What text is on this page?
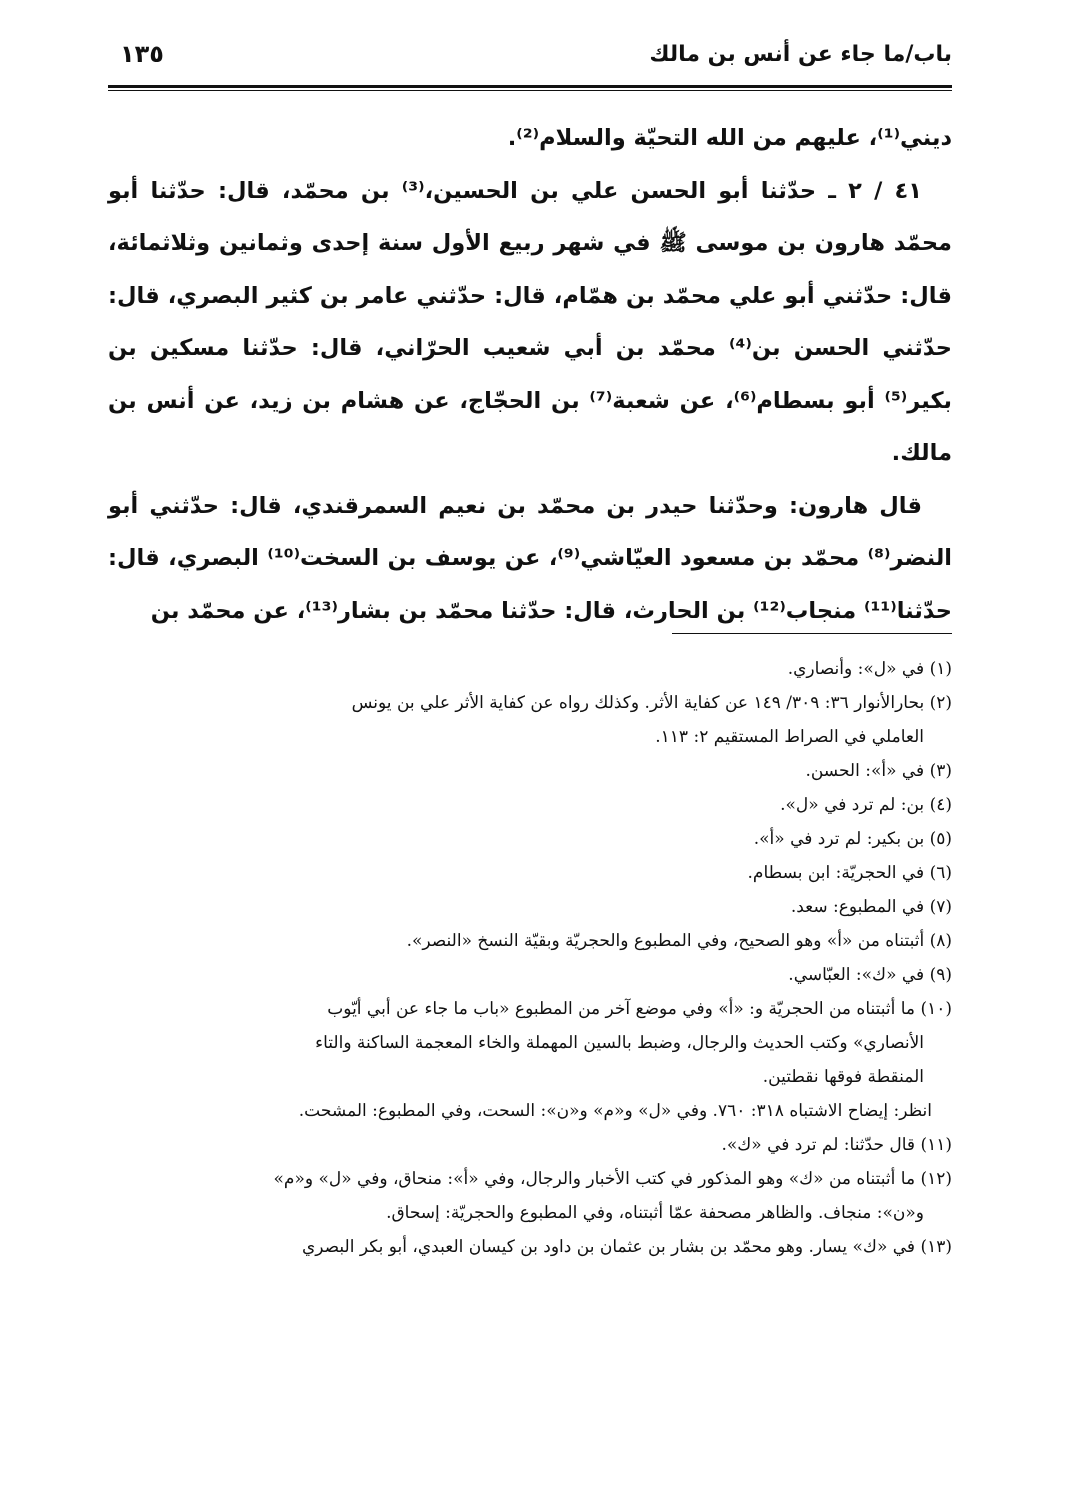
باب/ما جاء عن أنس بن مالك
١٣٥

ديني⁽¹⁾، عليهم من الله التحيّة والسلام⁽²⁾.

٤١ / ٢ ـ حدّثنا أبو الحسن علي بن الحسين،⁽³⁾ بن محمّد، قال: حدّثنا أبو محمّد هارون بن موسى ﷺ في شهر ربيع الأول سنة إحدى وثمانين وثلاثمائة، قال: حدّثني أبو علي محمّد بن همّام، قال: حدّثني عامر بن كثير البصري، قال: حدّثني الحسن بن⁽⁴⁾ محمّد بن أبي شعيب الحرّاني، قال: حدّثنا مسكين بن بكير⁽⁵⁾ أبو بسطام⁽⁶⁾، عن شعبة⁽⁷⁾ بن الحجّاج، عن هشام بن زيد، عن أنس بن مالك.

قال هارون: وحدّثنا حيدر بن محمّد بن نعيم السمرقندي، قال: حدّثني أبو النضر⁽⁸⁾ محمّد بن مسعود العيّاشي⁽⁹⁾، عن يوسف بن السخت⁽¹⁰⁾ البصري، قال: حدّثنا⁽¹¹⁾ منجاب⁽¹²⁾ بن الحارث، قال: حدّثنا محمّد بن بشار⁽¹³⁾، عن محمّد بن

(١) في «ل»: وأنصاري.

(٢) بحارالأنوار ٣٦: ٣٠٩/ ١٤٩ عن كفاية الأثر. وكذلك رواه عن كفاية الأثر علي بن يونس

العاملي في الصراط المستقيم ٢: ١١٣.

(٣) في «أ»: الحسن.

(٤) بن: لم ترد في «ل».

(٥) بن بكير: لم ترد في «أ».

(٦) في الحجريّة: ابن بسطام.

(٧) في المطبوع: سعد.

(٨) أثبتناه من «أ» وهو الصحيح، وفي المطبوع والحجريّة وبقيّة النسخ «النصر».

(٩) في «ك»: العبّاسي.

(١٠) ما أثبتناه من الحجريّة و: «أ» وفي موضع آخر من المطبوع «باب ما جاء عن أبي أيّوب

الأنصاري» وكتب الحديث والرجال، وضبط بالسين المهملة والخاء المعجمة الساكنة والتاء

المنقطة فوقها نقطتين.

انظر: إيضاح الاشتباه ٣١٨: ٧٦٠. وفي «ل» و«م» و«ن»: السحت، وفي المطبوع: المشحت.

(١١) قال حدّثنا: لم ترد في «ك».

(١٢) ما أثبتناه من «ك» وهو المذكور في كتب الأخبار والرجال، وفي «أ»: منحاق، وفي «ل» و«م»

و«ن»: منجاف. والظاهر مصحفة عمّا أثبتناه، وفي المطبوع والحجريّة: إسحاق.

(١٣) في «ك» يسار. وهو محمّد بن بشار بن عثمان بن داود بن كيسان العبدي، أبو بكر البصري
